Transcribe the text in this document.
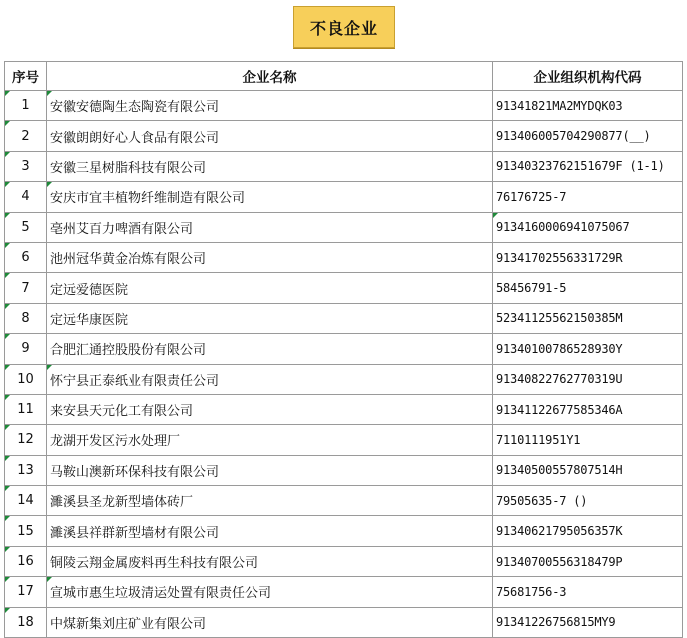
不良企业
序号	企业名称	企业组织机构代码

1	安徽安德陶生态陶瓷有限公司	91341821MA2MYDQK03

2	安徽朗朗好心人食品有限公司	913406005704290877(__)

3	安徽三星树脂科技有限公司	91340323762151679F (1-1)

4	安庆市宜丰植物纤维制造有限公司	76176725-7

5	亳州艾百力啤酒有限公司	91341600069410750​67

6	池州冠华黄金冶炼有限公司	91341702556331729R

7	定远爱德医院	58456791-5

8	定远华康医院	52341125562150385M

9	合肥汇通控股股份有限公司	91340100786528930Y

10	怀宁县正泰纸业有限责任公司	91340822762770319U

11	来安县天元化工有限公司	91341122677585346A

12	龙湖开发区污水处理厂	7110111951Y1

13	马鞍山澳新环保科技有限公司	91340500557807514H

14	濉溪县圣龙新型墙体砖厂	79505635-7 ()

15	濉溪县祥群新型墙材有限公司	91340621795056357K

16	铜陵云翔金属废料再生科技有限公司	91340700556318479P

17	宣城市惠生垃圾清运处置有限责任公司	75681756-3

18	中煤新集刘庄矿业有限公司	91341226756815MY9
